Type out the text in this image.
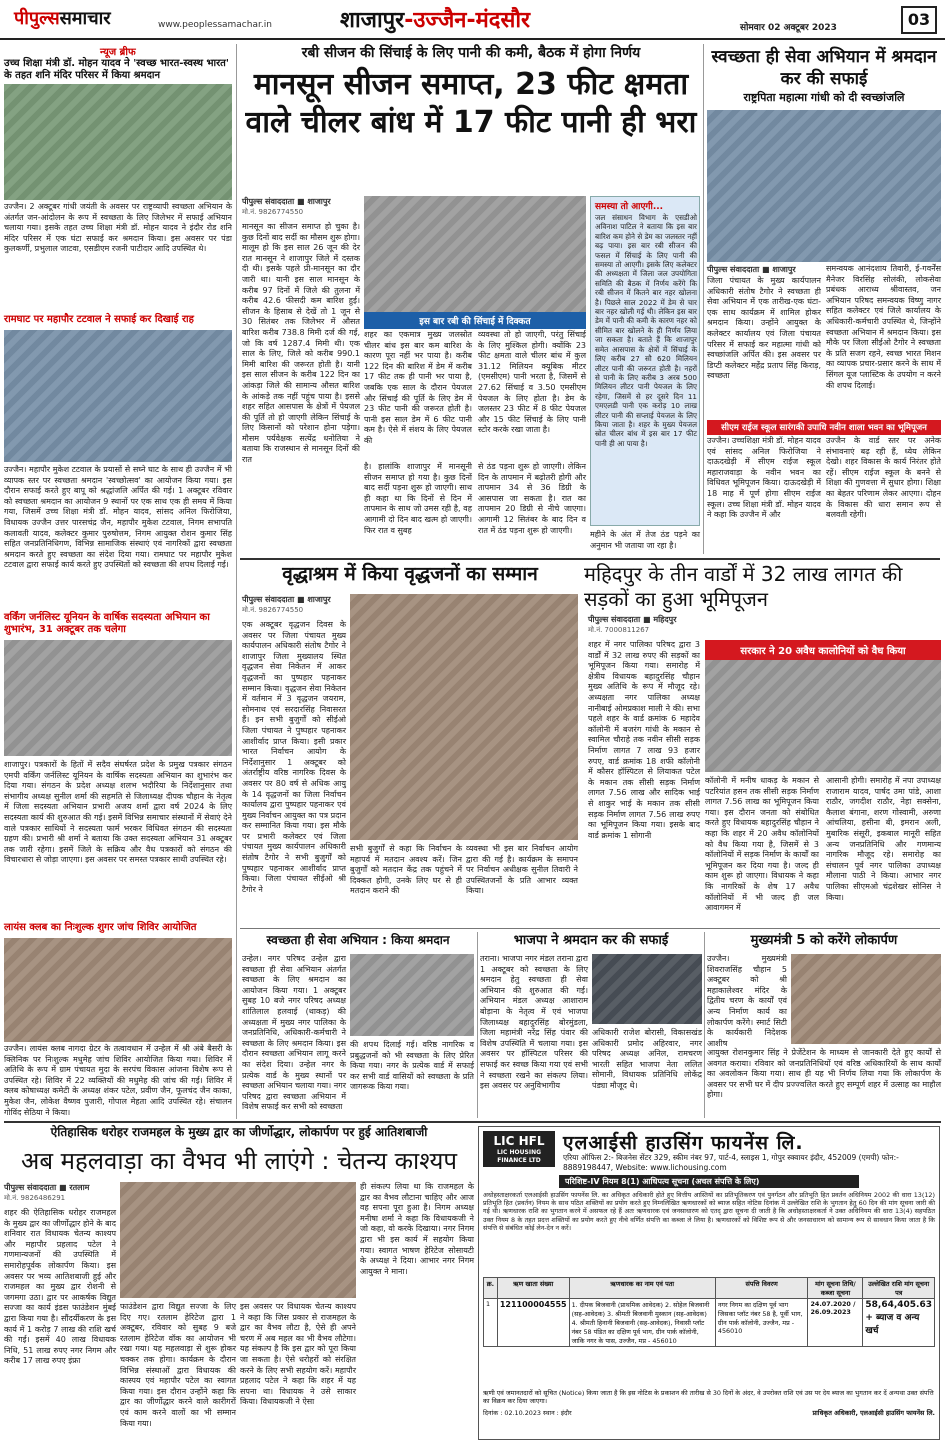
पीपुल्ससमाचार	www.peoplessamachar.in	शाजापुर-उज्जैन-मंदसौर	सोमवार 02 अक्टूबर 2023	03
न्यूज ब्रीफ
उच्च शिक्षा मंत्री डॉ. मोहन यादव ने 'स्वच्छ भारत-स्वस्थ भारत' के तहत शनि मंदिर परिसर में किया श्रमदान
उज्जैन। 2 अक्टूबर गांधी जयंती के अवसर पर राष्ट्रव्यापी स्वच्छता अभियान के अंतर्गत जन-आंदोलन के रूप में स्वच्छता के लिए जिलेभर में सफाई अभियान चलाया गया। इसके तहत उच्च शिक्षा मंत्री डॉ. मोहन यादव ने इंदौर रोड शनि मंदिर परिसर में एक घंटा सफाई कर श्रमदान किया। इस अवसर पर पंडा कुलकर्णी, प्रभुलाल जाटवा, एसडीएम रजनी पाटीदार आदि उपस्थित थे।
रामघाट पर महापौर टटवाल ने सफाई कर दिखाई राह
उज्जैन। महापौर मुकेश टटवाल के प्रयासों से सघ्ने घाट के साथ ही उज्जैन में भी व्यापक स्तर पर स्वच्छता श्रमदान 'स्वच्छोत्सव' का आयोजन किया गया। इस दौरान सफाई करते हुए बापू को श्रद्धांजलि अर्पित की गई। 1 अक्टूबर रविवार को स्वच्छता श्रमदान का आयोजन 9 स्थानों पर एक साथ एक ही समय में किया गया, जिसमें उच्च शिक्षा मंत्री डॉ. मोहन यादव, सांसद अनिल फिरोजिया, विधायक उज्जैन उत्तर पारसचंद्र जैन, महापौर मुकेश टटवाल, निगम सभापति कलावती यादव, कलेक्टर कुमार पुरुषोत्तम, निगम आयुक्त रोशन कुमार सिंह सहित जनप्रतिनिधिगण, विभिन्न सामाजिक संस्थाएं एवं नागरिकों द्वारा स्वच्छता श्रमदान करते हुए स्वच्छता का संदेश दिया गया। रामघाट पर महापौर मुकेश टटवाल द्वारा सफाई कार्य करते हुए उपस्थितों को स्वच्छता की शपथ दिलाई गई।
वर्किंग जर्नलिस्ट यूनियन के वार्षिक सदस्यता अभियान का शुभारंभ, 31 अक्टूबर तक चलेगा
शाजापुर। पत्रकारों के हितों में सदैव संघर्षरत प्रदेश के प्रमुख पत्रकार संगठन एमपी वर्किंग जर्नलिस्ट यूनियन के वार्षिक सदस्यता अभियान का शुभारंभ कर दिया गया। संगठन के प्रदेश अध्यक्ष शलभ भदौरिया के निर्देशानुसार तथा संभागीय अध्यक्ष सुनील शर्मा की सहमति से जिलाध्यक्ष दीपक चौहान के नेतृत्व में जिला सदस्यता अभियान प्रभारी अजय शर्मा द्वारा वर्ष 2024 के लिए सदस्यता कार्य की शुरुआत की गई। इसमें विभिन्न समाचार संस्थानों में सेवाएं देने वाले पत्रकार साथियों ने सदस्यता फार्म भरकर विधिवत संगठन की सदस्यता ग्रहण की। प्रभारी श्री शर्मा ने बताया कि उक्त सदस्यता अभियान 31 अक्टूबर तक जारी रहेगा। इसमें जिले के सक्रिय और वैध पत्रकारों को संगठन की विचारधारा से जोड़ा जाएगा। इस अवसर पर समस्त पत्रकार साथी उपस्थित रहे।
लायंस क्लब का निःशुल्क शुगर जांच शिविर आयोजित
उज्जैन। लायंस क्लब नागदा ग्रेटर के तत्वावधान में उन्हेल में श्री अंबे बैसरी के क्लिनिक पर निःशुल्क मधुमेह जांच शिविर आयोजित किया गया। शिविर में अतिथि के रूप में ग्राम पंचायत मुदा के सरपंच विकास आंजना विशेष रूप से उपस्थित रहे। शिविर में 22 व्यक्तियों की मधुमेह की जांच की गई। शिविर में क्लब कोषाध्यक्ष कमेटी के अध्यक्ष शंकर पटेल, प्रवीण जैन, फूलचंद जैन काका, मुकेश जैन, लोकेश वैष्णव पुजारी, गोपाल मेहता आदि उपस्थित रहे। संचालन गोविंद सेठिया ने किया।
रबी सीजन की सिंचाई के लिए पानी की कमी, बैठक में होगा निर्णय
मानसून सीजन समाप्त, 23 फीट क्षमता वाले चीलर बांध में 17 फीट पानी ही भरा
पीपुल्स संवाददाता ■ शाजापुर
मो.नं. 9826774550
मानसून का सीजन समाप्त हो चुका है। कुछ दिनों बाद सर्दी का मौसम शुरू होगा। मालूम हो कि इस साल 26 जून की देर रात मानसून ने शाजापुर जिले में दस्तक दी थी। इसके पहले प्री-मानसून का दौर जारी था। यानी इस साल मानसून के करीब 97 दिनों में जिले की तुलना में करीब 42.6 फीसदी कम बारिश हुई। सीजन के हिसाब से देखें तो 1 जून से 30 सितंबर तक जिलेभर में औसत बारिश करीब 738.8 मिमी दर्ज की गई, जो कि वर्ष 1287.4 मिमी थी। एक साल के लिए, जिले को करीब 990.1 मिमी बारिश की जरूरत होती है। यानी इस साल सीजन के करीब 122 दिन का आंकड़ा जिले की सामान्य औसत बारिश के आंकड़े तक नहीं पहुंच पाया है। इससे शहर सहित आसपास के क्षेत्रों में पेयजल की पूर्ति तो हो जाएगी लेकिन सिंचाई के लिए किसानों को परेशान होना पड़ेगा। मौसम पर्यवेक्षक सत्येंद्र धनोतिया ने बताया कि राजस्थान से मानसून दिनों की रात
इस बार रबी की सिंचाई में दिक्कत
शहर का एकमात्र मुख्य जलस्रोत चीलर बांध इस बार कम बारिश के कारण पूरा नहीं भर पाया है। करीब 122 दिन की बारिश में डेम में करीब 17 फीट तक ही पानी भर पाया है, जबकि एक साल के दौरान पेयजल और सिंचाई की पूर्ति के लिए डेम में 23 फीट पानी की जरूरत होती है। पानी इस साल डेम में 6 फीट पानी कम है। ऐसे में संशय के लिए पेयजल की
व्यवस्था तो हो जाएगी, परंतु सिंचाई के लिए मुश्किल होगी। क्योंकि 23 फीट क्षमता वाले चीलर बांध में कुल 31.12 मिलियन क्यूबिक मीटर (एमसीएम) पानी भरता है, जिसमें से 27.62 सिंचाई व 3.50 एमसीएम पेयजल के लिए होता है। डेम के जलस्तर 23 फीट में 8 फीट पेयजल और 15 फीट सिंचाई के लिए पानी स्टोर करके रखा जाता है।
है। हालांकि शाजापुर में मानसूनी सीजन समाप्त हो गया है। कुछ दिनों बाद सर्दी पड़ना शुरू हो जाएगी। साथ ही कहा था कि दिनों से दिन में तापमान के साथ जो उमस रही है, वह आगामी दो दिन बाद खत्म हो जाएगी। फिर रात व सुबह
से ठंड पड़ना शुरू हो जाएगी। लेकिन दिन के तापमान में बढ़ोतरी होगी और तापमान 34 से 36 डिग्री के आसपास जा सकता है। रात का तापमान 20 डिग्री से नीचे जाएगा। आगामी 12 सितंबर के बाद दिन व रात में ठंड पड़ना शुरू हो जाएगी।
समस्या तो आएगी...
जल संसाधन विभाग के एसडीओ अविनाश पाटिल ने बताया कि इस बार बारिश कम होने से डेम का जलस्तर नहीं बढ़ पाया। इस बार रबी सीजन की फसल में सिंचाई के लिए पानी की समस्या तो आएगी। इसके लिए कलेक्टर की अध्यक्षता में जिला जल उपयोगिता समिति की बैठक में निर्णय करेंगे कि रबी सीजन में कितने बार नहर खोलना है। पिछले साल 2022 में डेम से चार बार नहर खोली गई थी। लेकिन इस बार डेम में पानी की कमी के कारण नहर को सीमित बार खोलने के ही निर्णय लिया जा सकता है। बताते हैं कि शाजापुर समेत आसपास के क्षेत्रों में सिंचाई के लिए करीब 27 सौ 620 मिलियन लीटर पानी की जरूरत होती है। नहरों से पानी के लिए करीब 3 अरब 500 मिलियन लीटर पानी पेयजल के लिए रहेगा, जिसमें से हर दूसरे दिन 11 एमएलडी पानी एक करोड़ 10 लाख लीटर पानी की सप्लाई पेयजल के लिए किया जाता है। शहर के मुख्य पेयजल स्रोत चीलर बांध में इस बार 17 फीट पानी ही आ पाया है।
महीने के अंत में तेज ठंड पड़ने का अनुमान भी जताया जा रहा है।
स्वच्छता ही सेवा अभियान में श्रमदान कर की सफाई
राष्ट्रपिता महात्मा गांधी को दी स्वच्छांजलि
पीपुल्स संवाददाता ■ शाजापुर
जिला पंचायत के मुख्य कार्यपालन अधिकारी संतोष टैगोर ने स्वच्छता ही सेवा अभियान में एक तारीख-एक घंटा-एक साथ कार्यक्रम में शामिल होकर श्रमदान किया। उन्होंने आयुक्त के कलेक्टर कार्यालय एवं जिला पंचायत परिसर में सफाई कर महात्मा गांधी को स्वच्छांजलि अर्पित की। इस अवसर पर डिप्टी कलेक्टर महेंद्र प्रताप सिंह किराड़, स्वच्छता
समन्वयक आनंदशाय तिवारी, ई-गवर्नेंस मैनेजर विरसिंह सोलंकी, लोकसेवा प्रबंधक आराध्य श्रीवास्तव, जन अभियान परिषद समन्वयक विष्णु नागर सहित कलेक्टर एवं जिले कार्यालय के अधिकारी-कर्मचारी उपस्थित थे, जिन्होंने स्वच्छता अभियान में श्रमदान किया। इस मौके पर जिला सीईओ टैगोर ने स्वच्छता के प्रति सजग रहने, स्वच्छ भारत मिशन का व्यापक प्रचार-प्रसार करने के साथ में सिंगल यूज प्लास्टिक के उपयोग न करने की शपथ दिलाई।
सीएम राईज स्कूल सारंगकी उपाधि नवीन शाला भवन का भूमिपूजन
उज्जैन। उच्चशिक्षा मंत्री डॉ. मोहन यादव एवं सांसद अनिल फिरोजिया ने दाऊदखेड़ी में सीएम राईज स्कूल महाराजवाड़ा के नवीन भवन का विधिवत भूमिपूजन किया। दाऊदखेड़ी में 18 माह में पूर्ण होगा सीएम राईज स्कूल। उच्च शिक्षा मंत्री डॉ. मोहन यादव ने कहा कि उज्जैन में और
उज्जैन के वार्ड स्तर पर अनेक संभावनाएं बढ़ रही हैं, ध्येय लेकिन देखो। शहर विकास के कार्य निरंतर होते रहें। सीएम राईज स्कूल के बनने से शिक्षा की गुणवत्ता में सुधार होगा। शिक्षा का बेहतर परिणाम लेकर आएगा। दोहन के विकास की धारा समान रूप से बलवती रहेगी।
वृद्धाश्रम में किया वृद्धजनों का सम्मान
पीपुल्स संवाददाता ■ शाजापुर
मो.नं. 9826774550
एक अक्टूबर वृद्धजन दिवस के अवसर पर जिला पंचायत मुख्य कार्यपालन अधिकारी संतोष टैगोर ने शाजापुर जिला मुख्यालय स्थित वृद्धजन सेवा निकेतन में आकर वृद्धजनों का पुष्पहार पहनाकर सम्मान किया। वृद्धजन सेवा निकेतन में वर्तमान में 3 वृद्धजन जयराम, सोमनाथ एवं सरदारसिंह निवासरत हैं। इन सभी बुजुर्गों को सीईओ जिला पंचायत ने पुष्पहार पहनाकर आशीर्वाद प्राप्त किया। इसी प्रकार भारत निर्वाचन आयोग के निर्देशानुसार 1 अक्टूबर को अंतर्राष्ट्रीय वरिष्ठ नागरिक दिवस के अवसर पर 80 वर्ष से अधिक आयु के 14 वृद्धजनों का जिला निर्वाचन कार्यालय द्वारा पुष्पहार पहनाकर एवं मुख्य निर्वाचन आयुक्त का पत्र प्रदान कर सम्मानित किया गया। इस मौके पर प्रभारी कलेक्टर एवं जिला पंचायत मुख्य कार्यपालन अधिकारी संतोष टैगोर ने सभी बुजुर्गों को पुष्पहार पहनाकर आशीर्वाद प्राप्त किया। जिला पंचायत सीईओ श्री टैगोर ने
सभी बुजुर्गों से कहा कि निर्वाचन के महापर्व में मतदान अवश्य करें। जिन बुजुर्गों को मतदान केंद्र तक पहुंचने में दिक्कत होगी, उनके लिए घर से ही मतदान कराने की
व्यवस्था भी इस बार निर्वाचन आयोग द्वारा की गई है। कार्यक्रम के समापन पर निर्वाचन अधीक्षक सुनील तिवारी ने उपस्थितजनों के प्रति आभार व्यक्त किया।
महिदपुर के तीन वार्डों में 32 लाख लागत की सड़कों का हुआ भूमिपूजन
पीपुल्स संवाददाता ■ महिदपुर
मो.नं. 7000811267
सरकार ने 20 अवैध कालोनियों को वैध किया
शहर में नगर पालिका परिषद द्वारा 3 वार्डों में 32 लाख रुपए की सड़कों का भूमिपूजन किया गया। समारोह में क्षेत्रीय विधायक बहादुरसिंह चौहान मुख्य अतिथि के रूप में मौजूद रहे। अध्यक्षता नगर पालिका अध्यक्ष नानीबाई ओमप्रकाश माली ने की। सभा पहले शहर के वार्ड क्रमांक 6 महादेव कॉलोनी में बजरंग गांधी के मकान से स्वामिल चौराहे तक नवीन सीसी सड़क निर्माण लागत 7 लाख 93 हजार रुपए, वार्ड क्रमांक 18 शफी कॉलोनी में कौसर हॉस्पिटल से लियाकत पटेल के मकान तक सीसी सड़क निर्माण लागत 7.56 लाख और सादिक भाई से शाकुर भाई के मकान तक सीसी सड़क निर्माण लागत 7.56 लाख रुपए का भूमिपूजन किया गया। इसके बाद वार्ड क्रमांक 1 सोगानी
कॉलोनी में मनीष धाकड़ के मकान से पटरियांत हसन तक सीसी सड़क निर्माण लागत 7.56 लाख का भूमिपूजन किया गया। इस दौरान जनता को संबोधित करते हुए विधायक बहादुरसिंह चौहान ने कहा कि शहर में 20 अवैध कॉलोनियों को वैध किया गया है, जिसमें से 3 कॉलोनियों में सड़क निर्माण के कार्यों का भूमिपूजन कर दिया गया है। जल्द ही काम शुरू हो जाएगा। विधायक ने कहा कि नागरिकों के शेष 17 अवैध कॉलोनियों में भी जल्द ही जल आवागमन में
आसानी होगी। समारोह में नपा उपाध्यक्ष राजाराम यादव, पार्षद उमा पांडे, आशा राठौर, जगदीश राठौर, नेहा सक्सेना, कैलाश बंगाना, शरण गोस्वामी, अरुणा आंचलिया, हसीना बी, इमरान अली, मुबारिक संसूरी, इकबाल मानूरी सहित अन्य जनप्रतिनिधि और गणमान्य नागरिक मौजूद रहे। समारोह का संचालन पूर्व नगर पालिका उपाध्यक्ष मौलाना पाठी ने किया। आभार नगर पालिका सीएमओ चंद्रशेखर सोनिस ने किया।
स्वच्छता ही सेवा अभियान : किया श्रमदान
उन्हेल। नगर परिषद उन्हेल द्वारा स्वच्छता ही सेवा अभियान अंतर्गत स्वच्छता के लिए श्रमदान का आयोजन किया गया। 1 अक्टूबर सुबह 10 बजे नगर परिषद अध्यक्ष शांतिलाल हलवाई (थाकड़) की अध्यक्षता में मुख्य नगर पालिका के जनप्रतिनिधि, अधिकारी-कर्मचारी ने स्वच्छता के लिए श्रमदान किया। इस दौरान स्वच्छता अभियान लागू करने का संदेश दिया। उन्हेल नगर के प्रत्येक वार्ड के मुख्य स्थानों पर स्वच्छता अभियान चलाया गया। नगर परिषद द्वारा स्वच्छता अभियान में विशेष सफाई कर सभी को स्वच्छता
की शपथ दिलाई गई। वरिष्ठ नागरिक व प्रबुद्धजनों को भी स्वच्छता के लिए प्रेरित किया गया। नगर के प्रत्येक वार्ड में सफाई कर सभी वार्ड वासियों को स्वच्छता के प्रति जागरूक किया गया।
भाजपा ने श्रमदान कर की सफाई
तराना। भाजपा नगर मंडल तराना द्वारा 1 अक्टूबर को स्वच्छता के लिए श्रमदान हेतु स्वच्छता ही सेवा अभियान की शुरुआत की गई। अभियान मंडल अध्यक्ष आशाराम बोड़ाना के नेतृत्व में एवं भाजपा जिलाध्यक्ष बहादुरसिंह बोरमुंडला, जिला महामंत्री नरेंद्र सिंह पंवार की विशेष उपस्थिति में चलाया गया। इस अवसर पर हॉस्पिटल परिसर की सफाई कर स्वच्छ किया गया एवं सभी ने स्वच्छता रखने का संकल्प लिया। इस अवसर पर अनुविभागीय
अधिकारी राजेश बोरासी, विकासखंड अधिकारी प्रमोद अहिरवार, नगर परिषद अध्यक्ष अनिल, रामचरण भारती सहित भाजपा नेता ललित सोमानी, विधायक प्रतिनिधि लोकेंद्र पंड्या मौजूद थे।
मुख्यमंत्री 5 को करेंगे लोकार्पण
उज्जैन। मुख्यमंत्री शिवराजसिंह चौहान 5 अक्टूबर को श्री महाकालेश्वर मंदिर के द्वितीय चरण के कार्यों एवं अन्य निर्माण कार्य का लोकार्पण करेंगे। स्मार्ट सिटी के कार्यकारी निदेशक आशीष
आयुक्त रोशनकुमार सिंह ने प्रेजेंटेशन के माध्यम से जानकारी देते हुए कार्यों से अवगत कराया। रविवार को जनप्रतिनिधियों एवं वरिष्ठ अधिकारियों के साथ कार्यों का अवलोकन किया गया। साथ ही यह भी निर्णय लिया गया कि लोकार्पण के अवसर पर सभी घर में दीप प्रज्ज्वलित करते हुए सम्पूर्ण शहर में उत्साह का माहौल होगा।
ऐतिहासिक धरोहर राजमहल के मुख्य द्वार का जीर्णोद्धार, लोकार्पण पर हुई आतिशबाजी
अब महलवाड़ा का वैभव भी लाएंगे : चेतन्य काश्यप
पीपुल्स संवाददाता ■ रतलाम
मो.नं. 9826486291
शहर की ऐतिहासिक धरोहर राजमहल के मुख्य द्वार का जीर्णोद्धार होने के बाद शनिवार रात विधायक चेतन्य काश्यप और महापौर प्रहलाद पटेल ने गणमान्यजनों की उपस्थिति में समारोहपूर्वक लोकार्पण किया। इस अवसर पर भव्य आतिशबाजी हुई और राजमहल का मुख्य द्वार रोशनी से जगमगा उठा। द्वार पर आकर्षक विद्युत सज्जा का कार्य इंडस फाउंडेशन मुंबई द्वारा किया गया है। सौंदर्यीकरण के इस कार्य में 1 करोड़ 7 लाख की राशि खर्च की गई। इसमें 40 लाख विधायक निधि, 51 लाख रुपए नगर निगम और करीब 17 लाख रुपए इंफ्रा
फाउंडेशन द्वारा विद्युत सज्जा के लिए दिए गए। रतलाम हेरिटेज द्वारा 1 अक्टूबर, रविवार को सुबह 9 बजे रतलाम हेरिटेज वॉक का आयोजन भी रखा गया। यह महलवाड़ा से शुरू होकर चक्कर तक होगा। कार्यक्रम के दौरान विभिन्न संस्थाओं द्वारा विधायक की कास्पय एवं महापौर पटेल का स्वागत किया गया। इस दौरान उन्होंने कहा कि द्वार का जीर्णोद्धार करने वाले कारीगरों एवं काम करने वालों का भी सम्मान किया गया।
इस अवसर पर विधायक चेतन्य काश्यप ने कहा कि जिस प्रकार से राजमहल के द्वार का वैभव लौटा है, ऐसे ही अपने चरण में अब महल का भी वैभव लौटेगा। यह संकल्प है कि इस द्वार को पूरा किया जा सकता है। ऐसे धरोहरों को संरक्षित करने के लिए सभी सहयोग करें। महापौर प्रहलाद पटेल ने कहा कि शहर में यह सपना था। विधायक ने उसे साकार किया। विधायकजी ने ऐसा
ही संकल्प लिया था कि राजमहल के द्वार का वैभव लौटाना चाहिए और आज वह सपना पूरा हुआ है। निगम अध्यक्ष मनीषा शर्मा ने कहा कि विधायकजी ने जो कहा, वो करके दिखाया। नगर निगम द्वारा भी इस कार्य में सहयोग किया गया। स्वागत भाषण हेरिटेज सोसायटी के अध्यक्ष ने दिया। आभार नगर निगम आयुक्त ने माना।
LIC HFL
LIC HOUSING FINANCE LTD
एलआईसी हाउसिंग फायनेंस लि.
एरिया ऑफिस 2:- बिजनेस सेंटर 329, स्कीम नंबर 97, पार्ट-4, स्लाइस 1, गोपुर स्क्वायर इंदौर, 452009 (एमपी) फोन:- 8889198447, Website: www.lichousing.com
परिशिष्ट-IV नियम 8(1) आधिपत्य सूचना (अचल संपत्ति के लिए)
अधोहस्ताक्षरकर्ता एलआईसी हाउसिंग फायनेंस लि. का अधिकृत अधिकारी होते हुए वित्तीय आस्तियों का प्रतिभूतिकरण एवं पुनर्गठन और प्रतिभूति हित प्रवर्तन अधिनियम 2002 की धारा 13(12) प्रतिभूति हित (प्रवर्तन) नियम के साथ पठित शक्तियों का प्रयोग करते हुए निम्नलिखित ऋणधारकों को ब्याज सहित नोटिस दिनांक में उल्लेखित राशि के भुगतान हेतु 60 दिन की मांग सूचना जारी की गई थी। ऋणधारक राशि का भुगतान करने में असफल रहे हैं अतः ऋणधारक एवं जनसाधारण को एतद् द्वारा सूचना दी जाती है कि अधोहस्ताक्षरकर्ता ने उक्त अधिनियम की धारा 13(4) सहपठित उक्त नियम 8 के तहत प्रदत्त शक्तियों का प्रयोग करते हुए नीचे वर्णित संपत्ति का कब्जा ले लिया है। ऋणधारकों को विशिष्ट रूप से और जनसाधारण को सामान्य रूप से सावधान किया जाता है कि संपत्ति से संबंधित कोई लेन-देन न करें।
क्र.	ऋण खाता संख्या	ऋणधारक का नाम एवं पता	संपत्ति विवरण	मांग सूचना तिथि/ कब्जा सूचना	उल्लेखित राशि मांग सूचना पत्र
1	121100004555	1. दीपक बिजवानी (प्राथमिक आवेदक) 2. सोहेल बिजवानी (सह-आवेदक) 3. श्रीमती बिजवानी मुस्कान (सह-आवेदक) 4. श्रीमती हिनानी बिजवानी (सह-आवेदक), निवासी प्लॉट नंबर 58 पंडित का दक्षिण पूर्व भाग, ग्रीन पार्क कॉलोनी, जाकि नगर के पास, उज्जैन, मप्र - 456010	नगर निगम का दक्षिण पूर्व भाग जिसका प्लॉट नंबर 58 है, पूर्वी भाग, ग्रीन पार्क कॉलोनी, उज्जैन, मप्र - 456010	24.07.2020 / 26.09.2023	58,64,405.63 + ब्याज व अन्य खर्च
ऋणी एवं जमानतदारों को सूचित (Notice) किया जाता है कि इस नोटिस के प्रकाशन की तारीख से 30 दिनों के अंदर, वे उपरोक्त राशि एवं उस पर देय ब्याज का भुगतान कर दें अन्यथा उक्त संपत्ति का विक्रय कर दिया जाएगा।
दिनांक : 02.10.2023 स्थान : इंदौर	प्राधिकृत अधिकारी, एलआईसी हाउसिंग फायनेंस लि.
